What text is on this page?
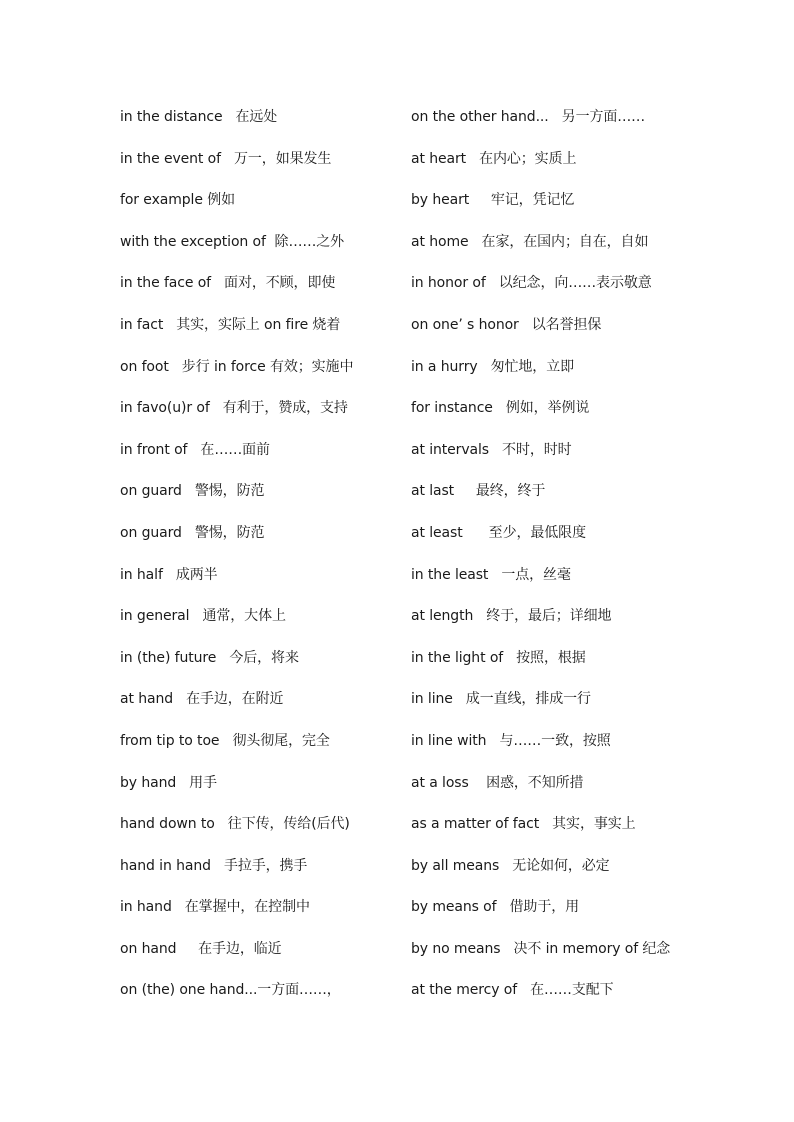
in the distance   在远处
in the event of   万一，如果发生
for example 例如
with the exception of  除……之外
in the face of   面对，不顾，即使
in fact   其实，实际上 on fire 烧着
on foot   步行 in force 有效；实施中
in favo(u)r of   有利于，赞成，支持
in front of   在……面前
on guard   警惕，防范
on guard   警惕，防范
in half   成两半
in general   通常，大体上
in (the) future   今后，将来
at hand   在手边，在附近
from tip to toe   彻头彻尾，完全
by hand   用手
hand down to   往下传，传给(后代)
hand in hand   手拉手，携手
in hand   在掌握中，在控制中
on hand     在手边，临近
on (the) one hand...一方面……，
on the other hand...   另一方面……
at heart   在内心；实质上
by heart     牢记，凭记忆
at home   在家，在国内；自在，自如
in honor of   以纪念，向……表示敬意
on one’ s honor   以名誉担保
in a hurry   匆忙地，立即
for instance   例如，举例说
at intervals   不时，时时
at last     最终，终于
at least      至少，最低限度
in the least   一点，丝毫
at length   终于，最后；详细地
in the light of   按照，根据
in line   成一直线，排成一行
in line with   与……一致，按照
at a loss    困惑，不知所措
as a matter of fact   其实，事实上
by all means   无论如何，必定
by means of   借助于，用
by no means   决不 in memory of 纪念
at the mercy of   在……支配下
